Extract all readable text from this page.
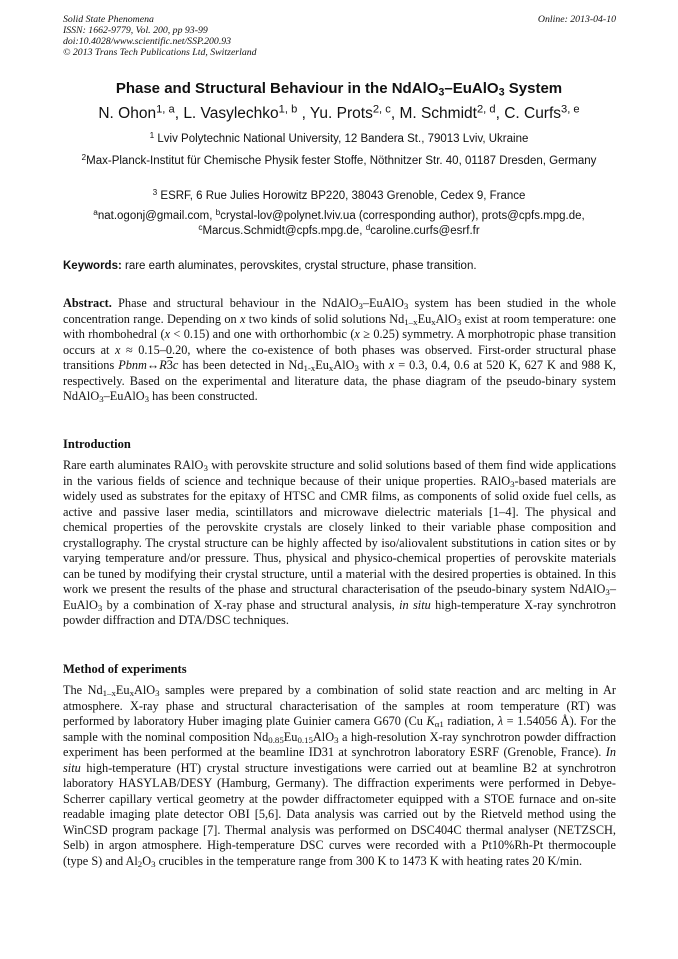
Solid State Phenomena
ISSN: 1662-9779, Vol. 200, pp 93-99
doi:10.4028/www.scientific.net/SSP.200.93
© 2013 Trans Tech Publications Ltd, Switzerland
Online: 2013-04-10
Phase and Structural Behaviour in the NdAlO$_3$–EuAlO$_3$ System
N. Ohon$^{1, a}$, L. Vasylechko$^{1, b}$ , Yu. Prots$^{2, c}$, M. Schmidt$^{2, d}$, C. Curfs$^{3, e}$
$^1$ Lviv Polytechnic National University, 12 Bandera St., 79013 Lviv, Ukraine
$^2$Max-Planck-Institut für Chemische Physik fester Stoffe, Nöthnitzer Str. 40, 01187 Dresden, Germany
$^3$ ESRF, 6 Rue Julies Horowitz BP220, 38043 Grenoble, Cedex 9, France
$^a$nat.ogonj@gmail.com, $^b$crystal-lov@polynet.lviv.ua (corresponding author), prots@cpfs.mpg.de,
$^c$Marcus.Schmidt@cpfs.mpg.de, $^d$caroline.curfs@esrf.fr
Keywords: rare earth aluminates, perovskites, crystal structure, phase transition.
Abstract. Phase and structural behaviour in the NdAlO$_3$–EuAlO$_3$ system has been studied in the whole concentration range. Depending on x two kinds of solid solutions $Nd_{1-x}Eu_xAlO_3$ exist at room temperature: one with rhombohedral (x < 0.15) and one with orthorhombic (x ≥ 0.25) symmetry. A morphotropic phase transition occurs at x ≈ 0.15–0.20, where the co-existence of both phases was observed. First-order structural phase transitions Pbnm↔R3c has been detected in $Nd_{1-x}Eu_xAlO_3$ with x = 0.3, 0.4, 0.6 at 520 K, 627 K and 988 K, respectively. Based on the experimental and literature data, the phase diagram of the pseudo-binary system NdAlO$_3$–EuAlO$_3$ has been constructed.
Introduction
Rare earth aluminates RAlO$_3$ with perovskite structure and solid solutions based of them find wide applications in the various fields of science and technique because of their unique properties. RAlO$_3$-based materials are widely used as substrates for the epitaxy of HTSC and CMR films, as components of solid oxide fuel cells, as active and passive laser media, scintillators and microwave dielectric materials [1–4]. The physical and chemical properties of the perovskite crystals are closely linked to their variable phase composition and crystallography. The crystal structure can be highly affected by iso/aliovalent substitutions in cation sites or by varying temperature and/or pressure. Thus, physical and physico-chemical properties of perovskite materials can be tuned by modifying their crystal structure, until a material with the desired properties is obtained. In this work we present the results of the phase and structural characterisation of the pseudo-binary system NdAlO$_3$–EuAlO$_3$ by a combination of X-ray phase and structural analysis, in situ high-temperature X-ray synchrotron powder diffraction and DTA/DSC techniques.
Method of experiments
The $Nd_{1-x}Eu_xAlO_3$ samples were prepared by a combination of solid state reaction and arc melting in Ar atmosphere. X-ray phase and structural characterisation of the samples at room temperature (RT) was performed by laboratory Huber imaging plate Guinier camera G670 (Cu $K_{\alpha 1}$ radiation, λ = 1.54056 Å). For the sample with the nominal composition $Nd_{0.85}Eu_{0.15}AlO_3$ a high-resolution X-ray synchrotron powder diffraction experiment has been performed at the beamline ID31 at synchrotron laboratory ESRF (Grenoble, France). In situ high-temperature (HT) crystal structure investigations were carried out at beamline B2 at synchrotron laboratory HASYLAB/DESY (Hamburg, Germany). The diffraction experiments were performed in Debye-Scherrer capillary vertical geometry at the powder diffractometer equipped with a STOE furnace and on-site readable imaging plate detector OBI [5,6]. Data analysis was carried out by the Rietveld method using the WinCSD program package [7]. Thermal analysis was performed on DSC404C thermal analyser (NETZSCH, Selb) in argon atmosphere. High-temperature DSC curves were recorded with a Pt10%Rh-Pt thermocouple (type S) and $Al_2O_3$ crucibles in the temperature range from 300 K to 1473 K with heating rates 20 K/min.
